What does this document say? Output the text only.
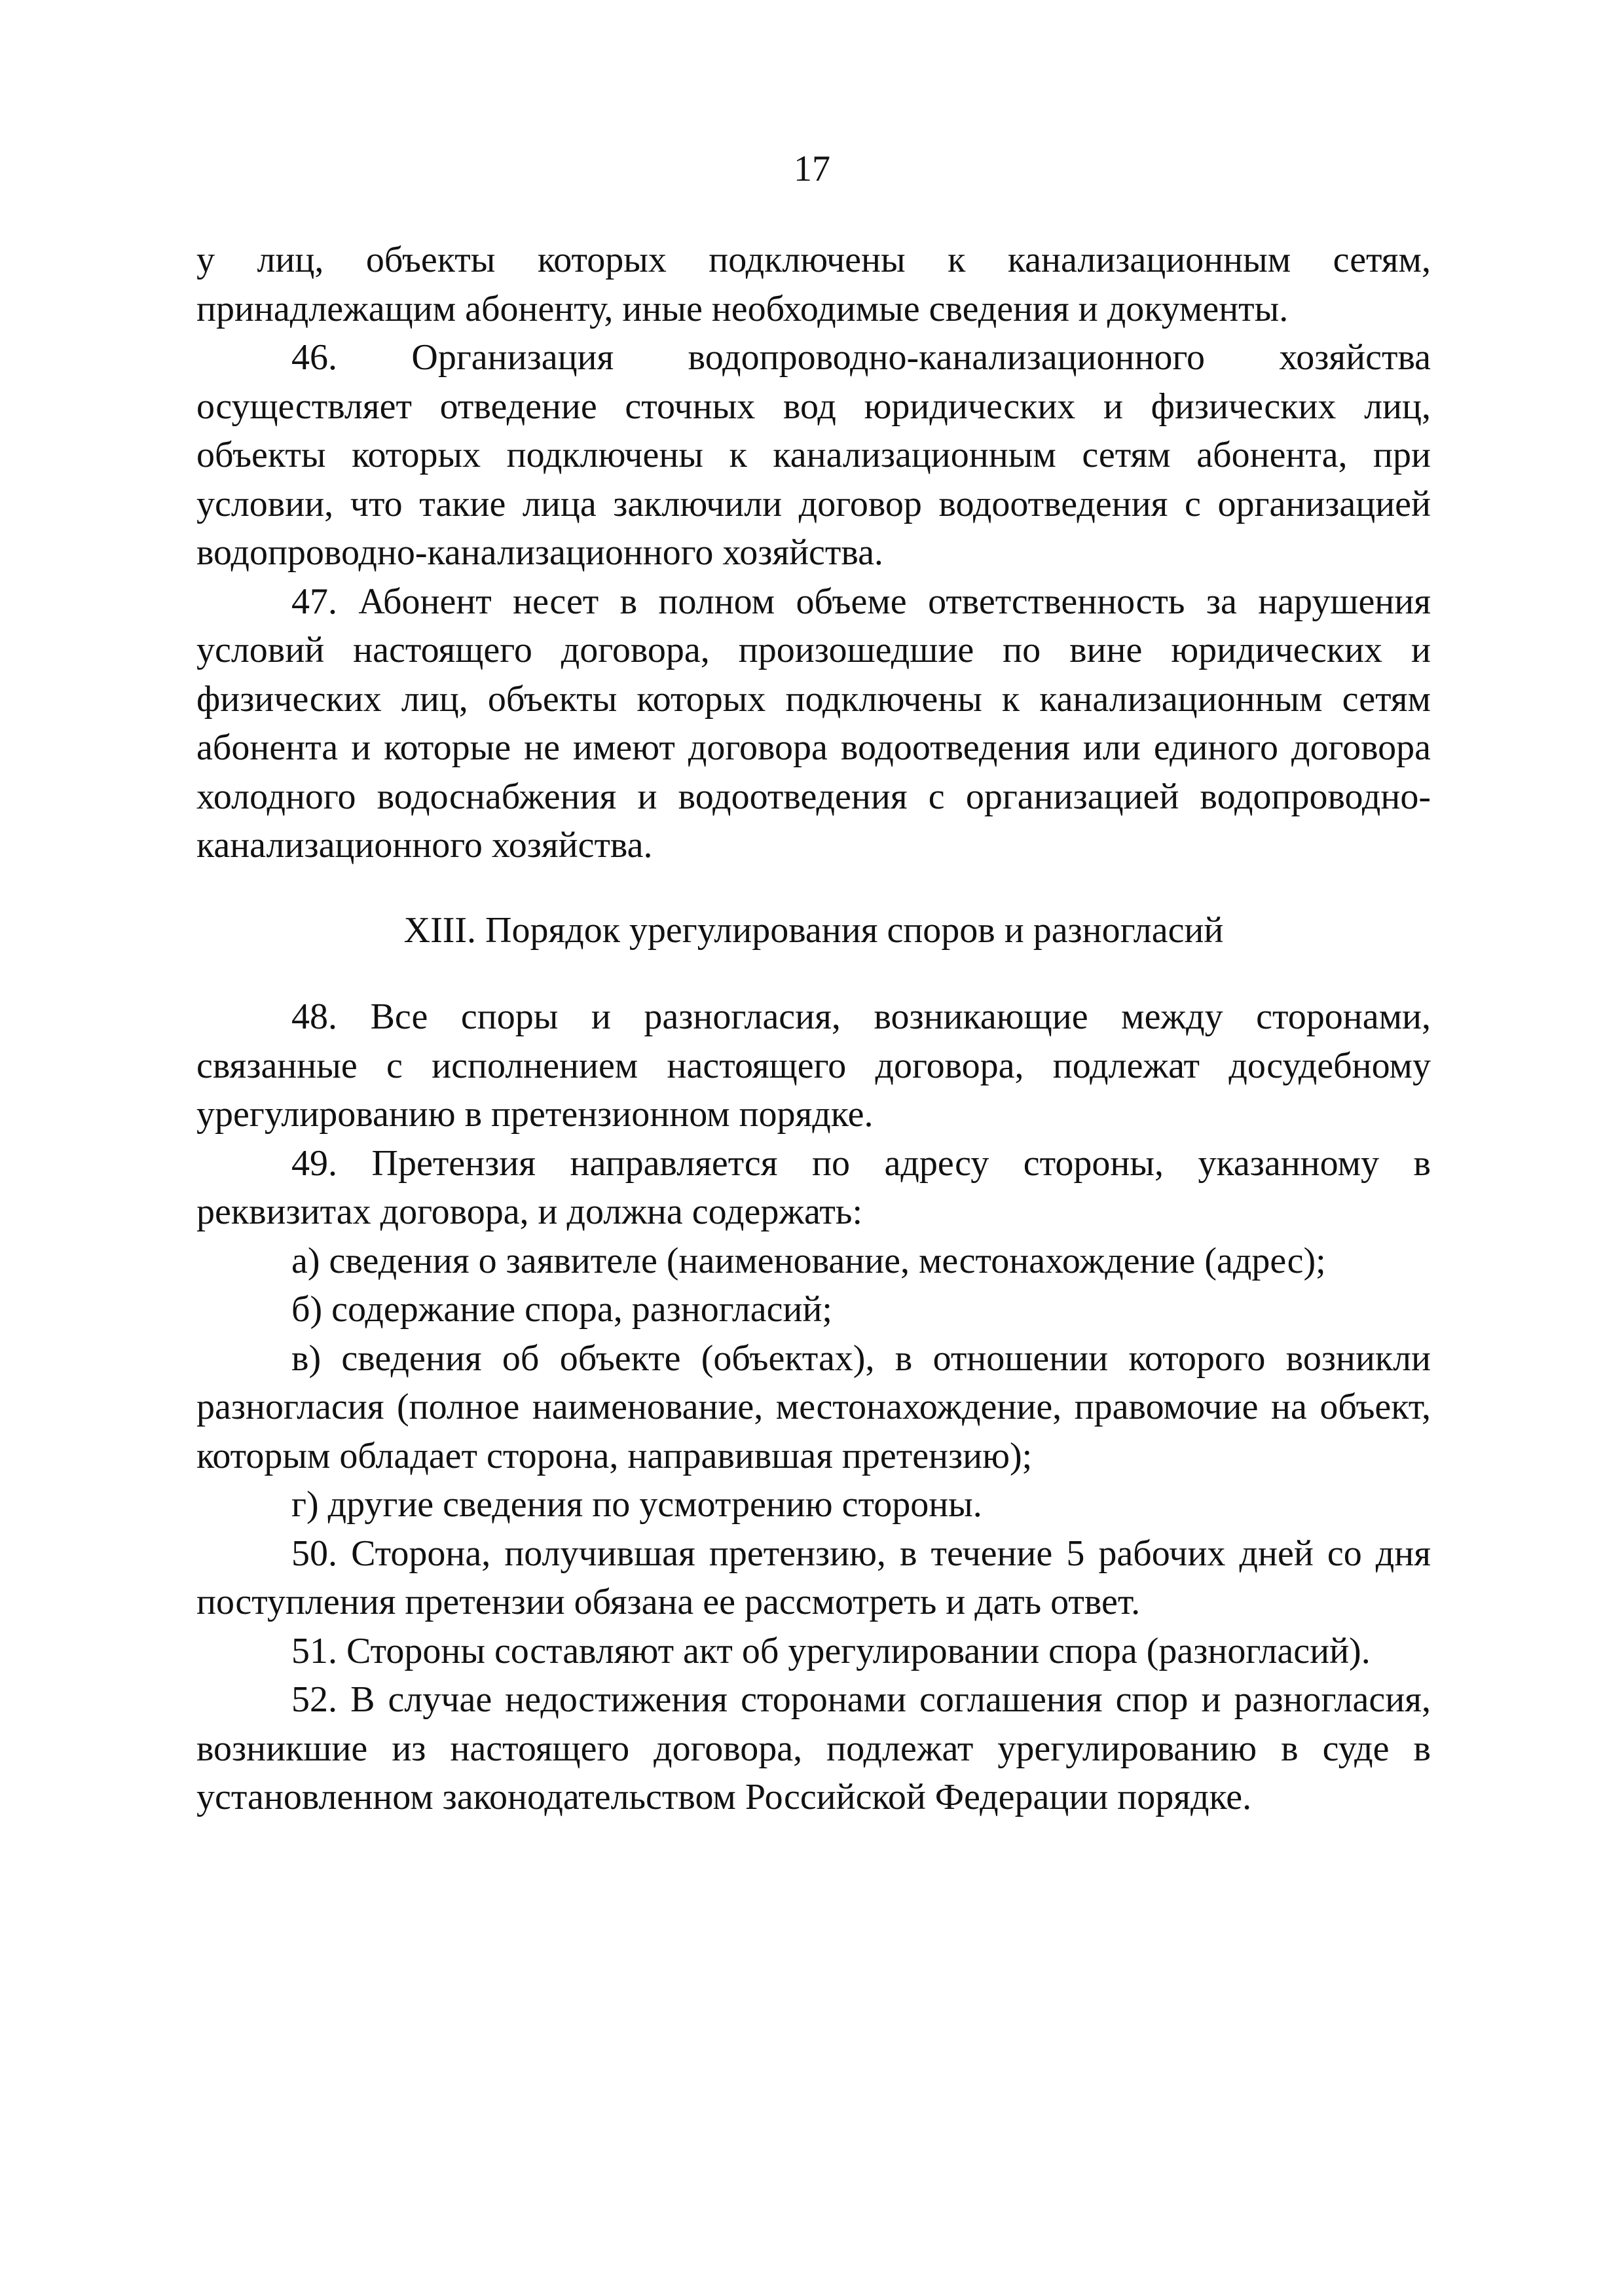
17

у лиц, объекты которых подключены к канализационным сетям, принадлежащим абоненту, иные необходимые сведения и документы.

46. Организация водопроводно-канализационного хозяйства осуществляет отведение сточных вод юридических и физических лиц, объекты которых подключены к канализационным сетям абонента, при условии, что такие лица заключили договор водоотведения с организацией водопроводно-канализационного хозяйства.

47. Абонент несет в полном объеме ответственность за нарушения условий настоящего договора, произошедшие по вине юридических и физических лиц, объекты которых подключены к канализационным сетям абонента и которые не имеют договора водоотведения или единого договора холодного водоснабжения и водоотведения с организацией водопроводно-канализационного хозяйства.

XIII. Порядок урегулирования споров и разногласий

48. Все споры и разногласия, возникающие между сторонами, связанные с исполнением настоящего договора, подлежат досудебному урегулированию в претензионном порядке.

49. Претензия направляется по адресу стороны, указанному в реквизитах договора, и должна содержать:

а) сведения о заявителе (наименование, местонахождение (адрес);

б) содержание спора, разногласий;

в) сведения об объекте (объектах), в отношении которого возникли разногласия (полное наименование, местонахождение, правомочие на объект, которым обладает сторона, направившая претензию);

г) другие сведения по усмотрению стороны.

50. Сторона, получившая претензию, в течение 5 рабочих дней со дня поступления претензии обязана ее рассмотреть и дать ответ.

51. Стороны составляют акт об урегулировании спора (разногласий).

52. В случае недостижения сторонами соглашения спор и разногласия, возникшие из настоящего договора, подлежат урегулированию в суде в установленном законодательством Российской Федерации порядке.
